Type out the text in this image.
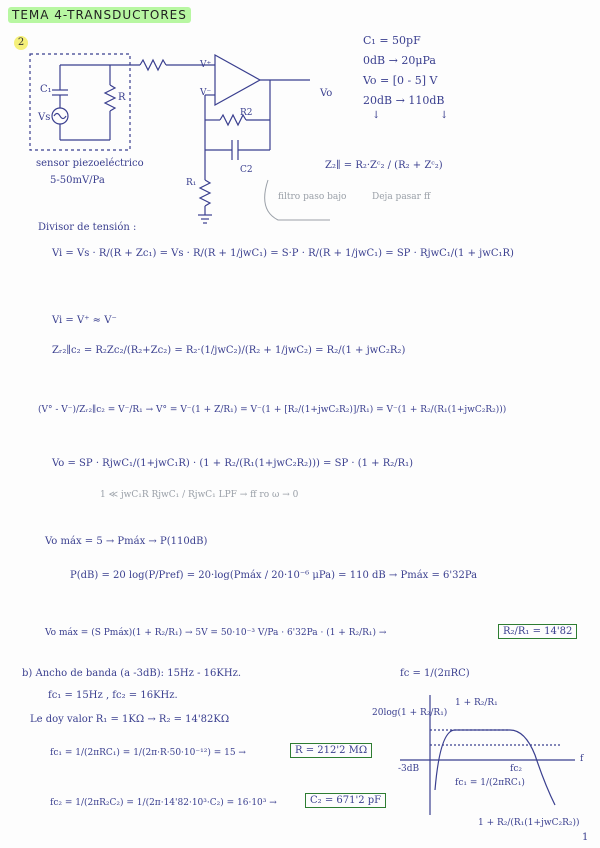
TEMA 4-TRANSDUCTORES
2	C₁ = 50pF
0dB → 20μPa
Vo = [0 - 5] V
20dB → 110dB
↓	↓
C₁
Vs
R
V⁺
V⁻	Vo
R2
C2
R₁
sensor piezoeléctrico
5-50mV/Pa
Z₂∥ = R₂·Zᶜ₂ / (R₂ + Zᶜ₂)
filtro paso bajo	Deja pasar ff
Divisor de tensión :
Vi = Vs · R/(R + Zc₁) = Vs · R/(R + 1/jwC₁) = S·P · R/(R + 1/jwC₁) = SP · RjwC₁/(1 + jwC₁R)
Vi = V⁺ ≈ V⁻
Zᵣ₂∥c₂ = R₂Zc₂/(R₂+Zc₂) = R₂·(1/jwC₂)/(R₂ + 1/jwC₂) = R₂/(1 + jwC₂R₂)
(V° - V⁻)/Zᵣ₂∥c₂ = V⁻/R₁ → V° = V⁻(1 + Z/R₁) = V⁻(1 + [R₂/(1+jwC₂R₂)]/R₁) = V⁻(1 + R₂/(R₁(1+jwC₂R₂)))
Vo = SP · RjwC₁/(1+jwC₁R) · (1 + R₂/(R₁(1+jwC₂R₂))) = SP · (1 + R₂/R₁)
1 ≪ jwC₁R RjwC₁ / RjwC₁ LPF → ff ro ω → 0
Vo máx = 5 → Pmáx → P(110dB)
P(dB) = 20 log(P/Pref) = 20·log(Pmáx / 20·10⁻⁶ μPa) = 110 dB → Pmáx = 6'32Pa
Vo máx = (S Pmáx)(1 + R₂/R₁) → 5V = 50·10⁻³ V/Pa · 6'32Pa · (1 + R₂/R₁) →	R₂/R₁ = 14'82
b) Ancho de banda (a -3dB): 15Hz - 16KHz.	fc = 1/(2πRC)
fc₁ = 15Hz , fc₂ = 16KHz.
Le doy valor R₁ = 1KΩ → R₂ = 14'82KΩ
fc₁ = 1/(2πRC₁) = 1/(2π·R·50·10⁻¹²) = 15 →	R = 212'2 MΩ
fc₂ = 1/(2πR₂C₂) = 1/(2π·14'82·10³·C₂) = 16·10³ →	C₂ = 671'2 pF
20log(1 + R₂/R₁)
1 + R₂/R₁
-3dB
f
fc₁ = 1/(2πRC₁)
fc₂
1 + R₂/(R₁(1+jwC₂R₂))
1
